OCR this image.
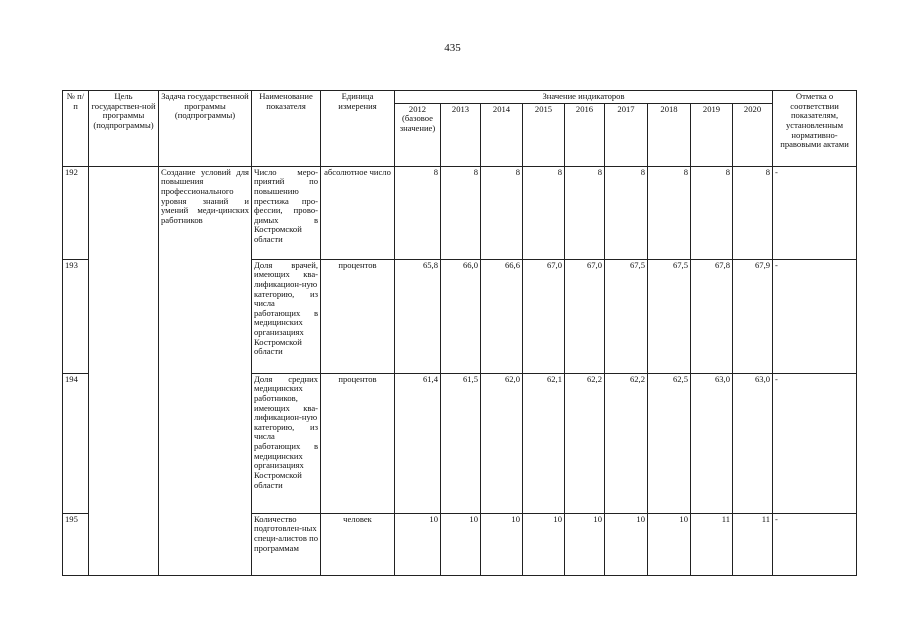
435
№ п/п	Цель государствен-ной программы (подпрограммы)	Задача государственной программы (подпрограммы)	Наименование показателя	Единица измерения	Значение индикаторов									Отметка о соответствии показателям, установленным нормативно-правовыми актами
					2012 (базовое значение)	2013	2014	2015	2016	2017	2018	2019	2020	
192		Создание условий для повышения профессионального уровня знаний и умений меди-цинских работников	Число меро-приятий по повышению престижа про-фессии, прово-димых в Костромской области	абсолютное число	8	8	8	8	8	8	8	8	8	-
193			Доля врачей, имеющих ква-лификацион-ную категорию, из числа работающих в медицинских организациях Костромской области	процентов	65,8	66,0	66,6	67,0	67,0	67,5	67,5	67,8	67,9	-
194			Доля средних медицинских работников, имеющих ква-лификацион-ную категорию, из числа работающих в медицинских организациях Костромской области	процентов	61,4	61,5	62,0	62,1	62,2	62,2	62,5	63,0	63,0	-
195			Количество подготовлен-ных специ-алистов по программам	человек	10	10	10	10	10	10	10	11	11	-
